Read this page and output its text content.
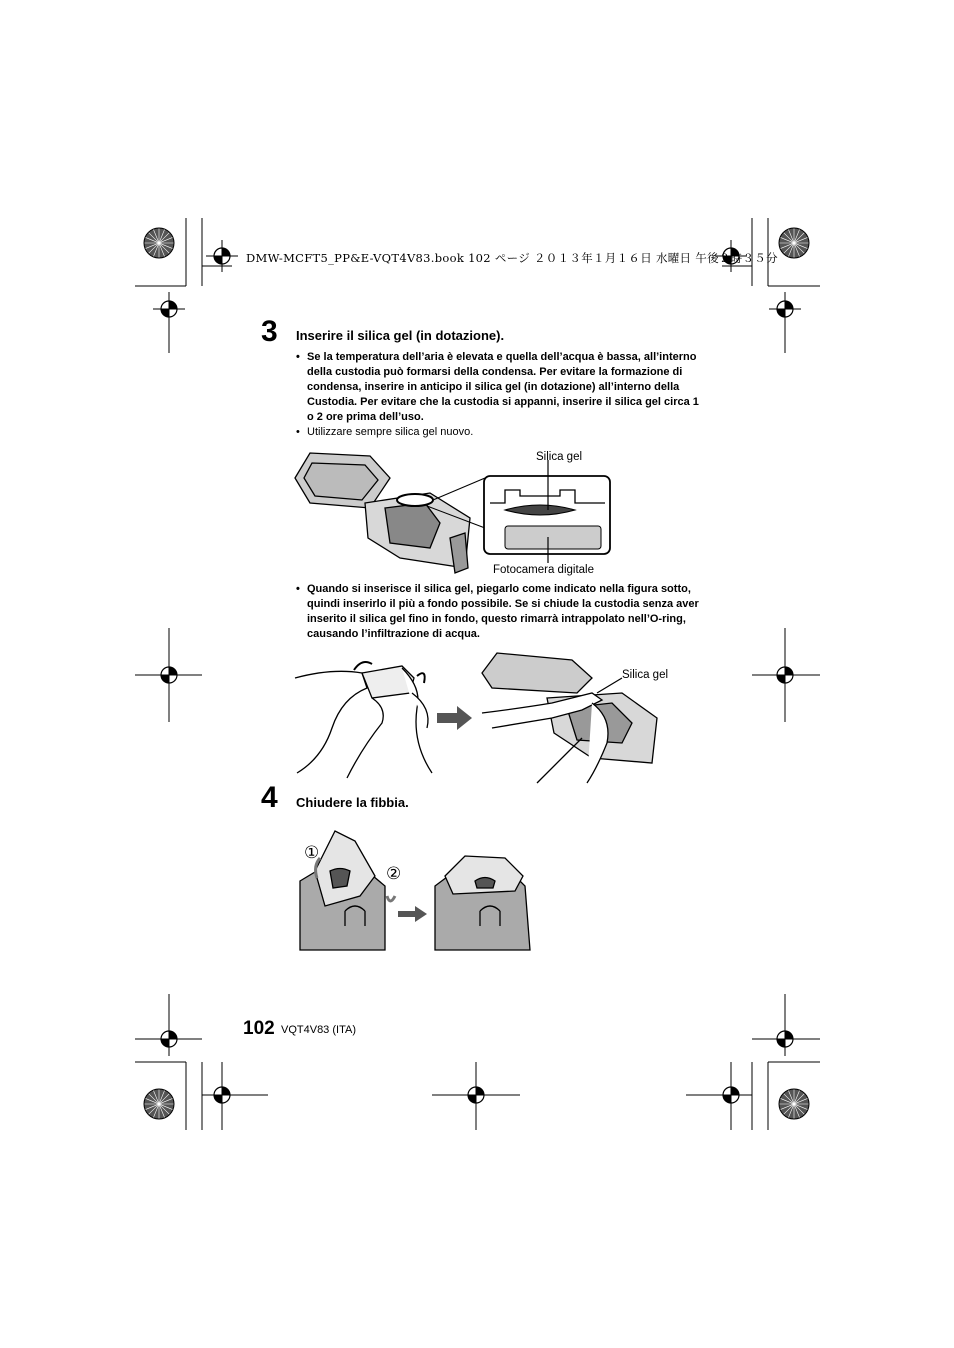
DMW-MCFT5_PP&E-VQT4V83.book 102 ページ ２０１３年１月１６日 水曜日 午後２時３５分
3 Inserire il silica gel (in dotazione).
• Se la temperatura dell’aria è elevata e quella dell’acqua è bassa, all’interno della custodia può formarsi della condensa. Per evitare la formazione di condensa, inserire in anticipo il silica gel (in dotazione) all’interno della Custodia. Per evitare che la custodia si appanni, inserire il silica gel circa 1 o 2 ore prima dell’uso.
• Utilizzare sempre silica gel nuovo.
Silica gel
Fotocamera digitale
• Quando si inserisce il silica gel, piegarlo come indicato nella figura sotto, quindi inserirlo il più a fondo possibile. Se si chiude la custodia senza aver inserito il silica gel fino in fondo, questo rimarrà intrappolato nell’O-ring, causando l’infiltrazione di acqua.
Silica gel
4 Chiudere la fibbia.
①
②
102 VQT4V83 (ITA)
